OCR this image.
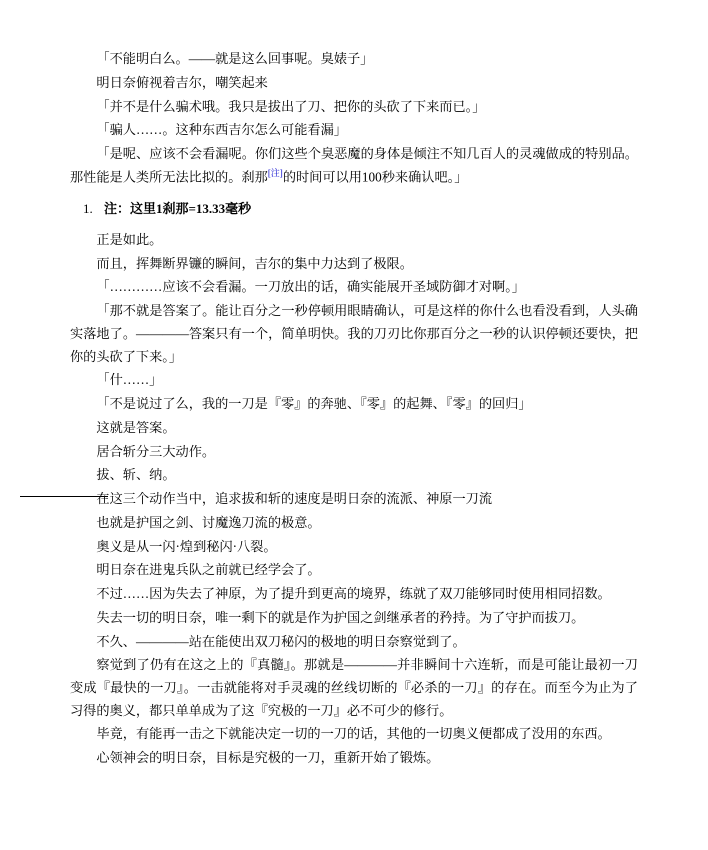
「不能明白么。——就是这么回事呢。臭婊子」

明日奈俯视着吉尔，嘲笑起来

「并不是什么骗术哦。我只是拔出了刀、把你的头砍了下来而已。」

「骗人……。这种东西吉尔怎么可能看漏」

「是呢、应该不会看漏呢。你们这些个臭恶魔的身体是倾注不知几百人的灵魂做成的特别品。那性能是人类所无法比拟的。刹那[注]的时间可以用100秒来确认吧。」

1. 注：这里1刹那=13.33毫秒

正是如此。

而且，挥舞断界镰的瞬间，吉尔的集中力达到了极限。

「…………应该不会看漏。一刀放出的话，确实能展开圣域防御才对啊。」

「那不就是答案了。能让百分之一秒停顿用眼睛确认，可是这样的你什么也看没看到，人头确实落地了。————答案只有一个，简单明快。我的刀刃比你那百分之一秒的认识停顿还要快，把你的头砍了下来。」

「什……」

「不是说过了么，我的一刀是『零』的奔驰、『零』的起舞、『零』的回归」

这就是答案。

居合斩分三大动作。

拔、斩、纳。

在这三个动作当中，追求拔和斩的速度是明日奈的流派、神原一刀流

也就是护国之剑、讨魔逸刀流的极意。

奥义是从一闪·煌到秘闪·八裂。

明日奈在进鬼兵队之前就已经学会了。

不过……因为失去了神原，为了提升到更高的境界，练就了双刀能够同时使用相同招数。

失去一切的明日奈，唯一剩下的就是作为护国之剑继承者的矜持。为了守护而拔刀。

不久、————站在能使出双刀秘闪的极地的明日奈察觉到了。

察觉到了仍有在这之上的『真髓』。那就是————并非瞬间十六连斩，而是可能让最初一刀变成『最快的一刀』。一击就能将对手灵魂的丝线切断的『必杀的一刀』的存在。而至今为止为了习得的奥义，都只单单成为了这『究极的一刀』必不可少的修行。

毕竟，有能再一击之下就能决定一切的一刀的话，其他的一切奥义便都成了没用的东西。

心领神会的明日奈，目标是究极的一刀，重新开始了锻炼。
